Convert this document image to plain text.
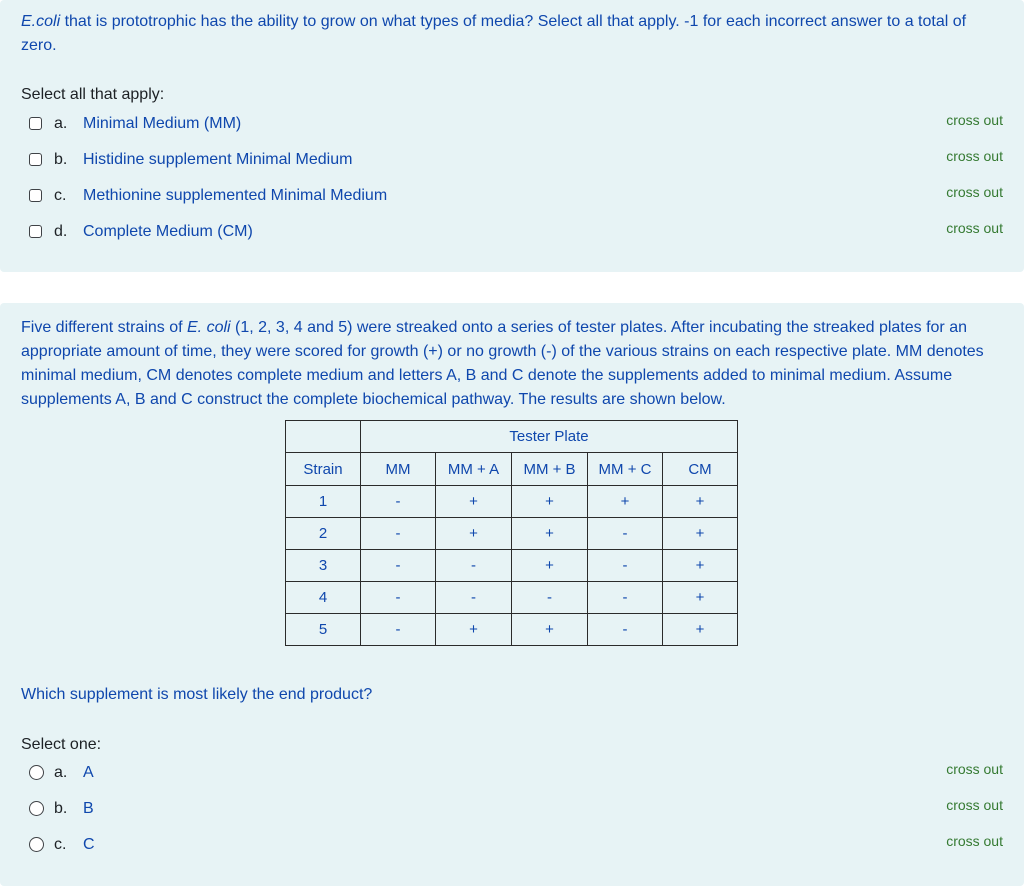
E.coli that is prototrophic has the ability to grow on what types of media? Select all that apply. -1 for each incorrect answer to a total of zero.

Select all that apply:
a. Minimal Medium (MM)	cross out
b. Histidine supplement Minimal Medium	cross out
c. Methionine supplemented Minimal Medium	cross out
d. Complete Medium (CM)	cross out

Five different strains of E. coli (1, 2, 3, 4 and 5) were streaked onto a series of tester plates. After incubating the streaked plates for an appropriate amount of time, they were scored for growth (+) or no growth (-) of the various strains on each respective plate. MM denotes minimal medium, CM denotes complete medium and letters A, B and C denote the supplements added to minimal medium. Assume supplements A, B and C construct the complete biochemical pathway. The results are shown below.

	Tester Plate				
Strain	MM	MM + A	MM + B	MM + C	CM
1	-	+	+	+	+
2	-	+	+	-	+
3	-	-	+	-	+
4	-	-	-	-	+
5	-	+	+	-	+

Which supplement is most likely the end product?

Select one:
a. A	cross out
b. B	cross out
c. C	cross out
